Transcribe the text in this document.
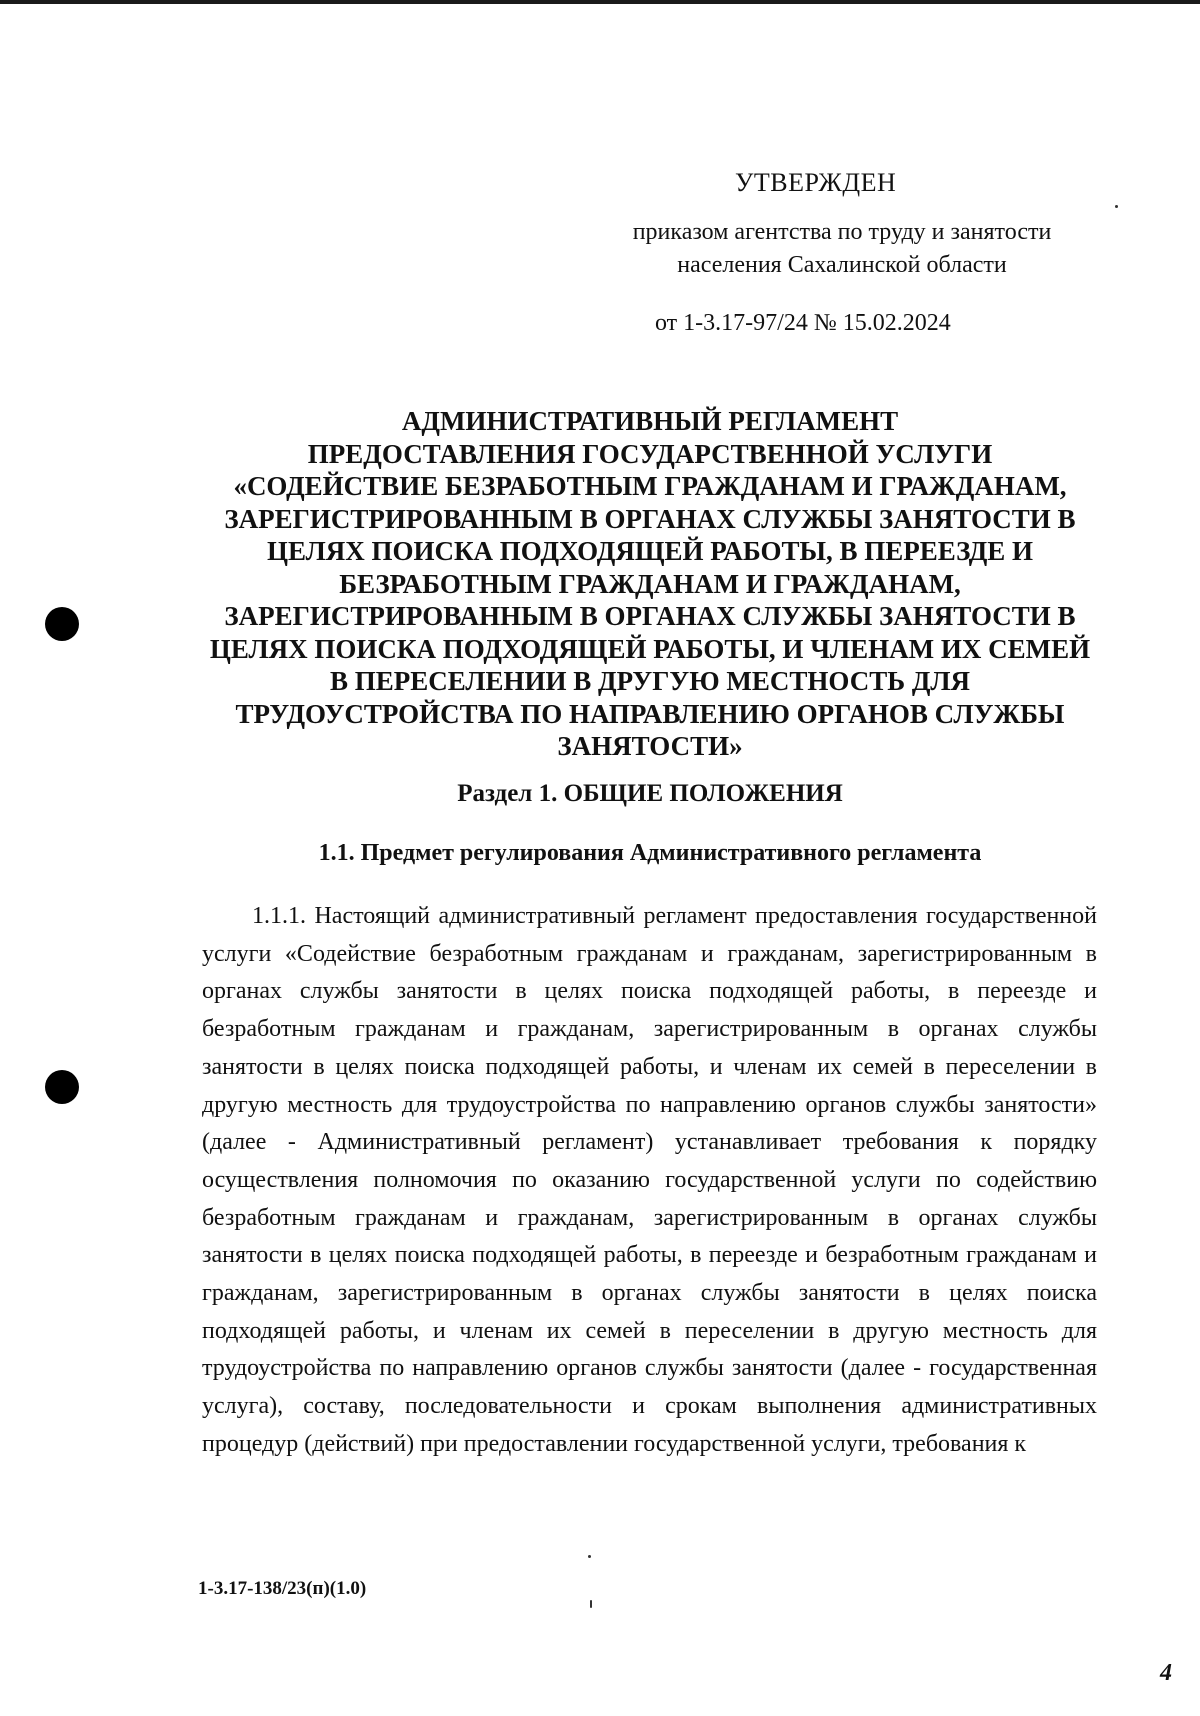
УТВЕРЖДЕН
приказом агентства по труду и занятости
населения Сахалинской области
от 1-3.17-97/24 № 15.02.2024
АДМИНИСТРАТИВНЫЙ РЕГЛАМЕНТ
ПРЕДОСТАВЛЕНИЯ ГОСУДАРСТВЕННОЙ УСЛУГИ
«СОДЕЙСТВИЕ БЕЗРАБОТНЫМ ГРАЖДАНАМ И ГРАЖДАНАМ,
ЗАРЕГИСТРИРОВАННЫМ В ОРГАНАХ СЛУЖБЫ ЗАНЯТОСТИ В
ЦЕЛЯХ ПОИСКА ПОДХОДЯЩЕЙ РАБОТЫ, В ПЕРЕЕЗДЕ И
БЕЗРАБОТНЫМ ГРАЖДАНАМ И ГРАЖДАНАМ,
ЗАРЕГИСТРИРОВАННЫМ В ОРГАНАХ СЛУЖБЫ ЗАНЯТОСТИ В
ЦЕЛЯХ ПОИСКА ПОДХОДЯЩЕЙ РАБОТЫ, И ЧЛЕНАМ ИХ СЕМЕЙ
В ПЕРЕСЕЛЕНИИ В ДРУГУЮ МЕСТНОСТЬ ДЛЯ
ТРУДОУСТРОЙСТВА ПО НАПРАВЛЕНИЮ ОРГАНОВ СЛУЖБЫ
ЗАНЯТОСТИ»
Раздел 1. ОБЩИЕ ПОЛОЖЕНИЯ
1.1. Предмет регулирования Административного регламента
1.1.1. Настоящий административный регламент предоставления государственной услуги «Содействие безработным гражданам и гражданам, зарегистрированным в органах службы занятости в целях поиска подходящей работы, в переезде и безработным гражданам и гражданам, зарегистрированным в органах службы занятости в целях поиска подходящей работы, и членам их семей в переселении в другую местность для трудоустройства по направлению органов службы занятости» (далее - Административный регламент) устанавливает требования к порядку осуществления полномочия по оказанию государственной услуги по содействию безработным гражданам и гражданам, зарегистрированным в органах службы занятости в целях поиска подходящей работы, в переезде и безработным гражданам и гражданам, зарегистрированным в органах службы занятости в целях поиска подходящей работы, и членам их семей в переселении в другую местность для трудоустройства по направлению органов службы занятости (далее - государственная услуга), составу, последовательности и срокам выполнения административных процедур (действий) при предоставлении государственной услуги, требования к
1-3.17-138/23(п)(1.0)
4
